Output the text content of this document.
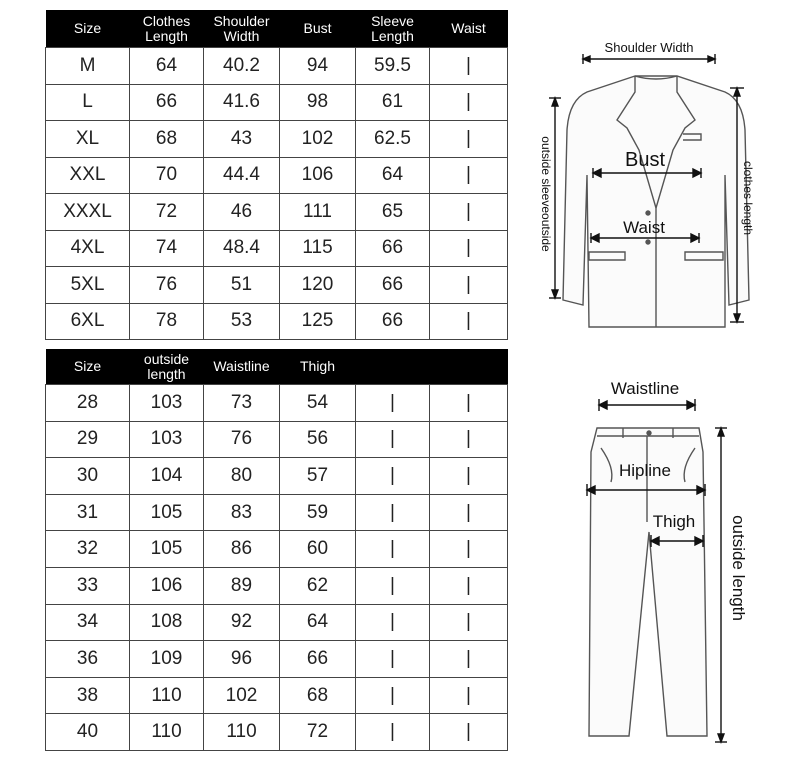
Size	Clothes Length	Shoulder Width	Bust	Sleeve Length	Waist
M	64	40.2	94	59.5	|
L	66	41.6	98	61	|
XL	68	43	102	62.5	|
XXL	70	44.4	106	64	|
XXXL	72	46	111	65	|
4XL	74	48.4	115	66	|
5XL	76	51	120	66	|
6XL	78	53	125	66	|
Size	outside length	Waistline	Thigh		
28	103	73	54	|	|
29	103	76	56	|	|
30	104	80	57	|	|
31	105	83	59	|	|
32	105	86	60	|	|
33	106	89	62	|	|
34	108	92	64	|	|
36	109	96	66	|	|
38	110	102	68	|	|
40	110	110	72	|	|
Shoulder Width
Bust
Waist
outside sleeveoutside	clothes length
Waistline
Hipline
Thigh outside length
